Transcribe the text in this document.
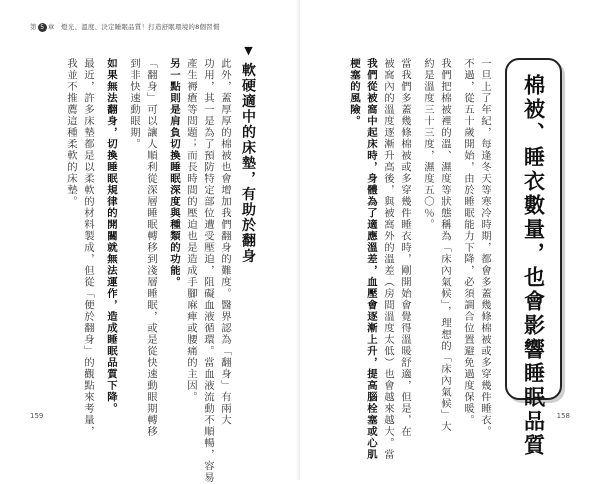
第 5 章　燈光、溫度、決定睡眠品質！打造舒眠環境的8個習慣
▼軟硬適中的床墊，有助於翻身
此外，蓋厚厚的棉被也會增加我們翻身的難度。醫界認為「翻身」有兩大
功用，其一是為了預防特定部位遭受壓迫，阻礙血液循環。當血液流動不順暢，容易
產生褥瘡等問題；而長時間的壓迫也是造成手腳麻痺或腰痛的主因。
另一點則是肩負切換睡眠深度與種類的功能。
「翻身」可以讓人順利從深層睡眠轉移到淺層睡眠，或是從快速動眼期轉移
到非快速動眼期。
如果無法翻身，切換睡眠規律的開關就無法運作，造成睡眠品質下降。
最近，許多床墊都是以柔軟的材料製成，但從「便於翻身」的觀點來考量，
我並不推薦這種柔軟的床墊。
159	棉被、睡衣數量，也會影響睡眠品質
一旦上了年紀，每逢冬天等寒冷時期，都會多蓋幾條棉被或多穿幾件睡衣。
不過，從五十歲開始，由於睡眠能力下降，必須調合位置避免過度保暖。
我們把棉被裡的溫、濕度等狀態稱為「床內氣候」，理想的「床內氣候」大
約是溫度三十三度，濕度五〇％。
當我們多蓋幾條棉被或多穿幾件睡衣時，剛開始會覺得溫暖舒適，但是，在
被窩內的溫度逐漸升高後，與被窩外的溫差（房間溫度太低）也會越來越大。當
我們從被窩中起床時，身體為了適應溫差，血壓會逐漸上升，提高腦栓塞或心肌
梗塞的風險。
158
